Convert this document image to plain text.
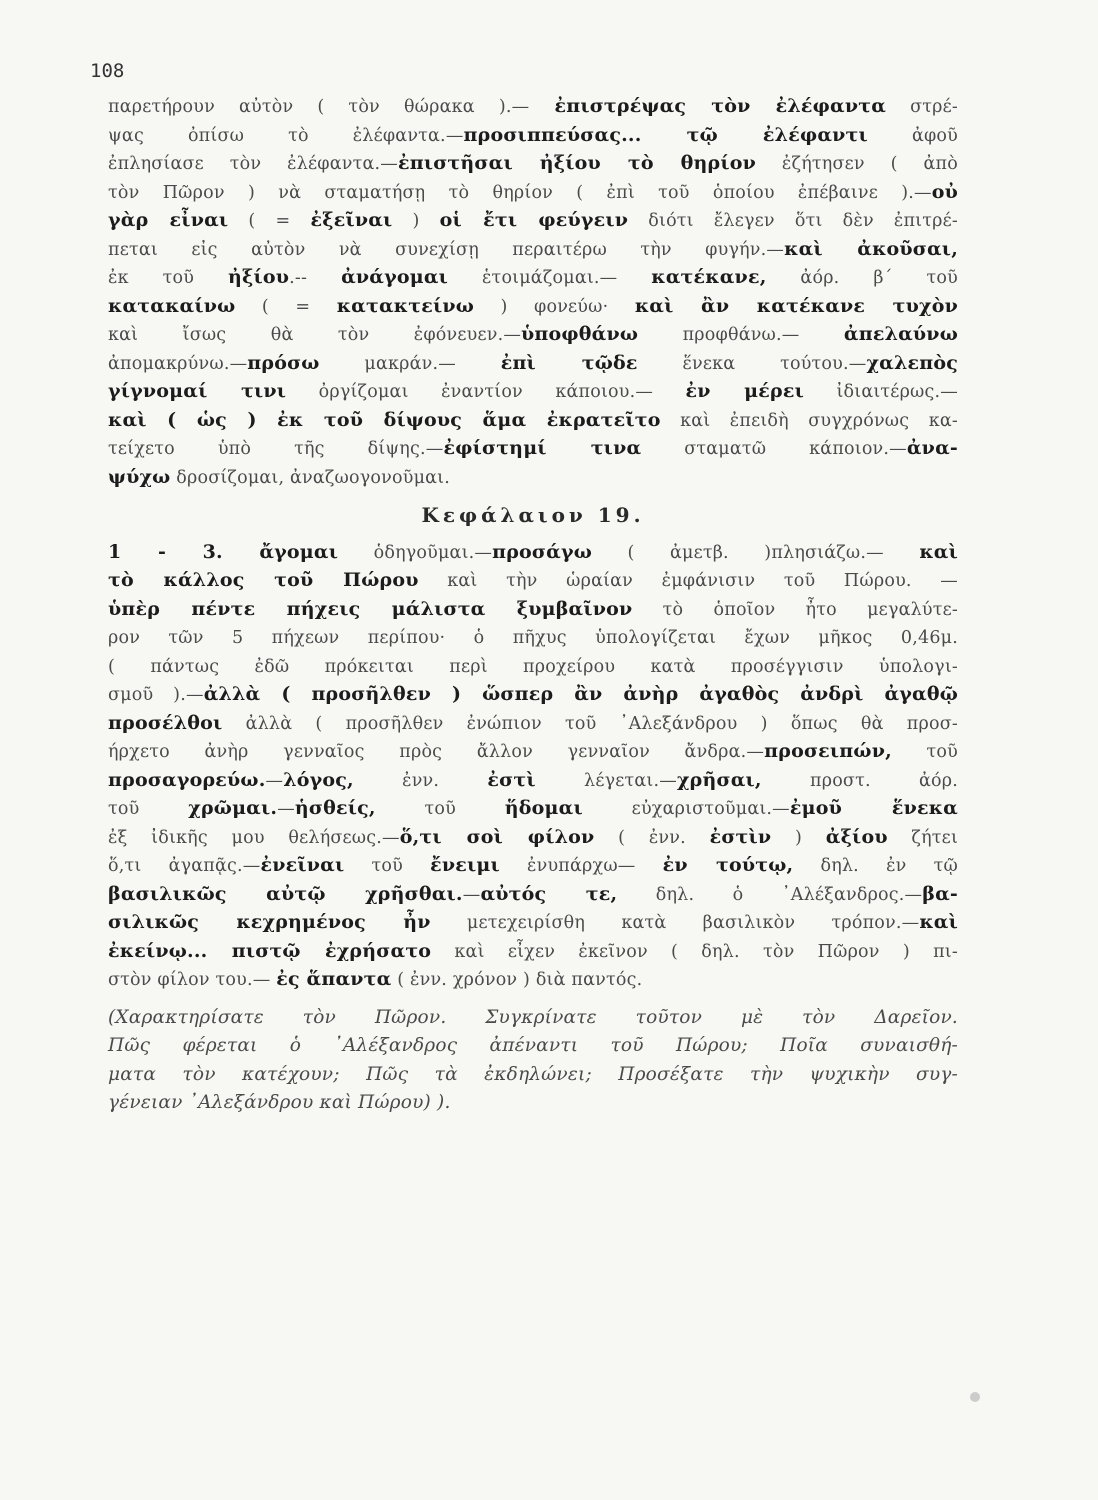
108
παρετήρουν αὐτὸν ( τὸν θώρακα ).— ἐπιστρέψας τὸν ἐλέφαντα στρέ-
ψας ὀπίσω τὸ ἐλέφαντα.—προσιππεύσας... τῷ ἐλέφαντι ἀφοῦ
ἐπλησίασε τὸν ἐλέφαντα.—ἐπιστῆσαι ἠξίου τὸ θηρίον ἐζήτησεν ( ἀπὸ
τὸν Πῶρον ) νὰ σταματήσῃ τὸ θηρίον ( ἐπὶ τοῦ ὁποίου ἐπέβαινε ).—οὐ
γὰρ εἶναι ( = ἐξεῖναι ) οἱ ἔτι φεύγειν διότι ἔλεγεν ὅτι δὲν ἐπιτρέ-
πεται εἰς αὐτὸν νὰ συνεχίσῃ περαιτέρω τὴν φυγήν.—καὶ ἀκοῦσαι,
ἐκ τοῦ ἠξίου.-- ἀνάγομαι ἑτοιμάζομαι.— κατέκανε, ἀόρ. β΄ τοῦ
κατακαίνω ( = κατακτείνω ) φονεύω· καὶ ἂν κατέκανε τυχὸν
καὶ ἴσως θὰ τὸν ἐφόνευεν.—ὑποφθάνω προφθάνω.— ἀπελαύνω
ἀπομακρύνω.—πρόσω μακράν.— ἐπὶ τῷδε ἕνεκα τούτου.—χαλεπὸς
γίγνομαί τινι ὀργίζομαι ἐναντίον κάποιου.— ἐν μέρει ἰδιαιτέρως.—
καὶ ( ὡς ) ἐκ τοῦ δίψους ἅμα ἐκρατεῖτο καὶ ἐπειδὴ συγχρόνως κα-
τείχετο ὑπὸ τῆς δίψης.—ἐφίστημί τινα σταματῶ κάποιον.—ἀνα-
ψύχω δροσίζομαι, ἀναζωογονοῦμαι.
Κεφάλαιον 19.
1 - 3. ἄγομαι ὁδηγοῦμαι.—προσάγω ( ἀμετβ. )πλησιάζω.— καὶ
τὸ κάλλος τοῦ Πώρου καὶ τὴν ὡραίαν ἐμφάνισιν τοῦ Πώρου. —
ὑπὲρ πέντε πήχεις μάλιστα ξυμβαῖνον τὸ ὁποῖον ἦτο μεγαλύτε-
ρον τῶν 5 πήχεων περίπου· ὁ πῆχυς ὑπολογίζεται ἔχων μῆκος 0,46μ.
( πάντως ἐδῶ πρόκειται περὶ προχείρου κατὰ προσέγγισιν ὑπολογι-
σμοῦ ).—ἀλλὰ ( προσῆλθεν ) ὥσπερ ἂν ἀνὴρ ἀγαθὸς ἀνδρὶ ἀγαθῷ
προσέλθοι ἀλλὰ ( προσῆλθεν ἐνώπιον τοῦ ᾿Αλεξάνδρου ) ὅπως θὰ προσ-
ήρχετο ἀνὴρ γενναῖος πρὸς ἄλλον γενναῖον ἄνδρα.—προσειπών, τοῦ
προσαγορεύω.—λόγος, ἐνν. ἐστὶ λέγεται.—χρῆσαι, προστ. ἀόρ.
τοῦ χρῶμαι.—ἡσθείς, τοῦ ἥδομαι εὐχαριστοῦμαι.—ἐμοῦ ἕνεκα
ἐξ ἰδικῆς μου θελήσεως.—ὅ,τι σοὶ φίλον ( ἐνν. ἐστὶν ) ἀξίου ζήτει
ὅ,τι ἀγαπᾷς.—ἐνεῖναι τοῦ ἔνειμι ἐνυπάρχω— ἐν τούτῳ, δηλ. ἐν τῷ
βασιλικῶς αὐτῷ χρῆσθαι.—αὐτός τε, δηλ. ὁ ᾿Αλέξανδρος.—βα-
σιλικῶς κεχρημένος ἦν μετεχειρίσθη κατὰ βασιλικὸν τρόπον.—καὶ
ἐκείνῳ... πιστῷ ἐχρήσατο καὶ εἶχεν ἐκεῖνον ( δηλ. τὸν Πῶρον ) πι-
στὸν φίλον του.— ἐς ἅπαντα ( ἐνν. χρόνον ) διὰ παντός.
(Χαρακτηρίσατε τὸν Πῶρον. Συγκρίνατε τοῦτον μὲ τὸν Δαρεῖον.
Πῶς φέρεται ὁ ᾿Αλέξανδρος ἀπέναντι τοῦ Πώρου; Ποῖα συναισθή-
ματα τὸν κατέχουν; Πῶς τὰ ἐκδηλώνει; Προσέξατε τὴν ψυχικὴν συγ-
γένειαν ᾿Αλεξάνδρου καὶ Πώρου) ).
